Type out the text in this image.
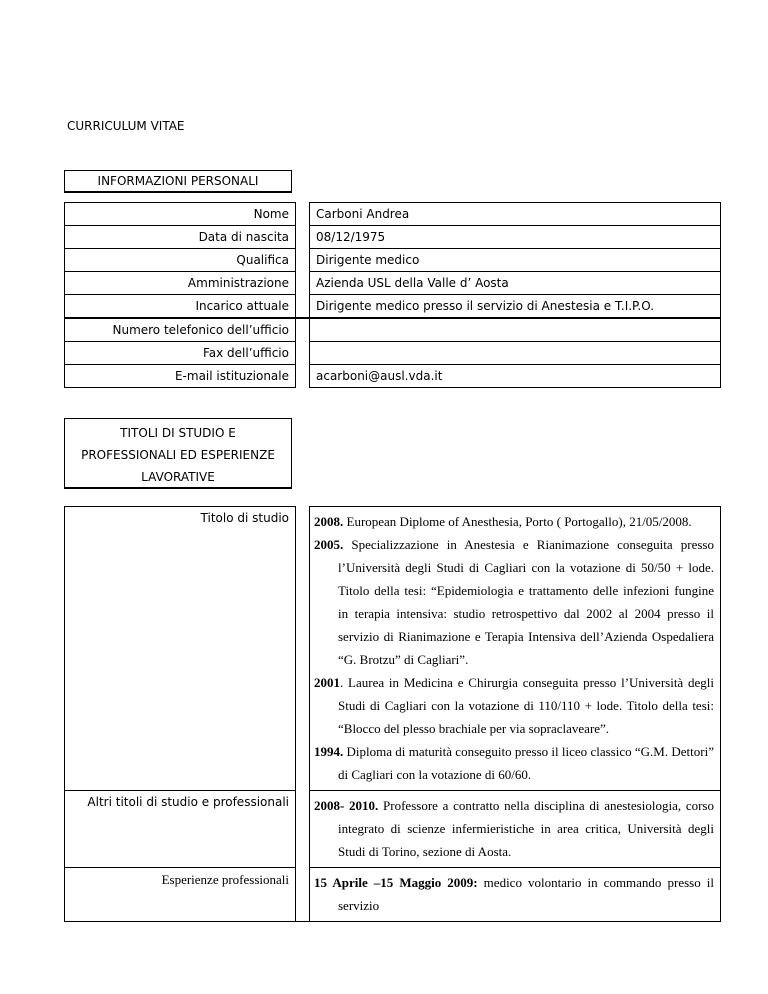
CURRICULUM VITAE
INFORMAZIONI PERSONALI
Nome		Carboni Andrea
Data di nascita		08/12/1975
Qualifica		Dirigente medico
Amministrazione		Azienda USL della Valle d’ Aosta
Incarico attuale		Dirigente medico presso il servizio di Anestesia e T.I.P.O.
Numero telefonico dell’ufficio		
Fax dell’ufficio		
E-mail istituzionale		acarboni@ausl.vda.it
TITOLI DI STUDIO E
PROFESSIONALI ED ESPERIENZE
LAVORATIVE
Titolo di studio		2008. European Diplome of Anesthesia, Porto ( Portogallo), 21/05/2008.

2005. Specializzazione in Anestesia e Rianimazione conseguita presso l’Università degli Studi di Cagliari con la votazione di 50/50 + lode. Titolo della tesi: “Epidemiologia e trattamento delle infezioni fungine in terapia intensiva: studio retrospettivo dal 2002 al 2004 presso il servizio di Rianimazione e Terapia Intensiva dell’Azienda Ospedaliera “G. Brotzu” di Cagliari”.

2001. Laurea in Medicina e Chirurgia conseguita presso l’Università degli Studi di Cagliari con la votazione di 110/110 + lode. Titolo della tesi: “Blocco del plesso brachiale per via sopraclaveare”.

1994. Diploma di maturità conseguito presso il liceo classico “G.M. Dettori” di Cagliari con la votazione di 60/60.

Altri titoli di studio e professionali		2008- 2010. Professore a contratto nella disciplina di anestesiologia, corso integrato di scienze infermieristiche in area critica, Università degli Studi di Torino, sezione di Aosta.

Esperienze professionali		15 Aprile –15 Maggio 2009: medico volontario in commando presso il servizio
